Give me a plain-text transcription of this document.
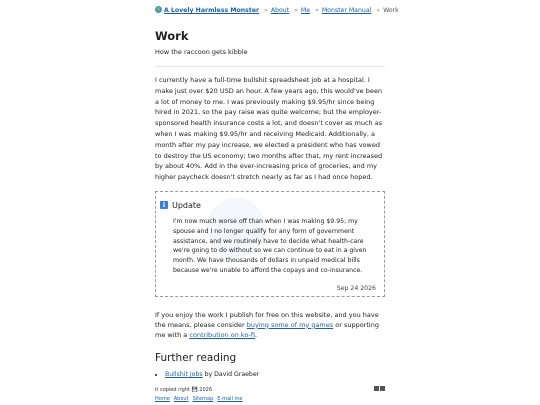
A Lovely Harmless Monster » About » Me » Monster Manual » Work
Work

How the raccoon gets kibble

I currently have a full-time bullshit spreadsheet job at a hospital. I make just over $20 USD an hour. A few years ago, this would've been a lot of money to me. I was previously making $9.95/hr since being hired in 2021, so the pay raise was quite welcome; but the employer-sponsored health insurance costs a lot, and doesn't cover as much as when I was making $9.95/hr and receiving Medicaid. Additionally, a month after my pay increase, we elected a president who has vowed to destroy the US economy; two months after that, my rent increased by about 40%. Add in the ever-increasing price of groceries, and my higher paycheck doesn't stretch nearly as far as I had once hoped.

i Update
I'm now much worse off than when I was making $9.95; my spouse and I no longer qualify for any form of government assistance, and we routinely have to decide what health-care we're going to do without so we can continue to eat in a given month. We have thousands of dollars in unpaid medical bills because we're unable to afford the copays and co-insurance.
Sep 24 2026

If you enjoy the work I publish for free on this website, and you have the means, please consider buying some of my games or supporting me with a contribution on ko-fi.

Further reading
• Bullshit Jobs by David Graeber
it copied right 💾 2026
Home About Sitemap E-mail me
